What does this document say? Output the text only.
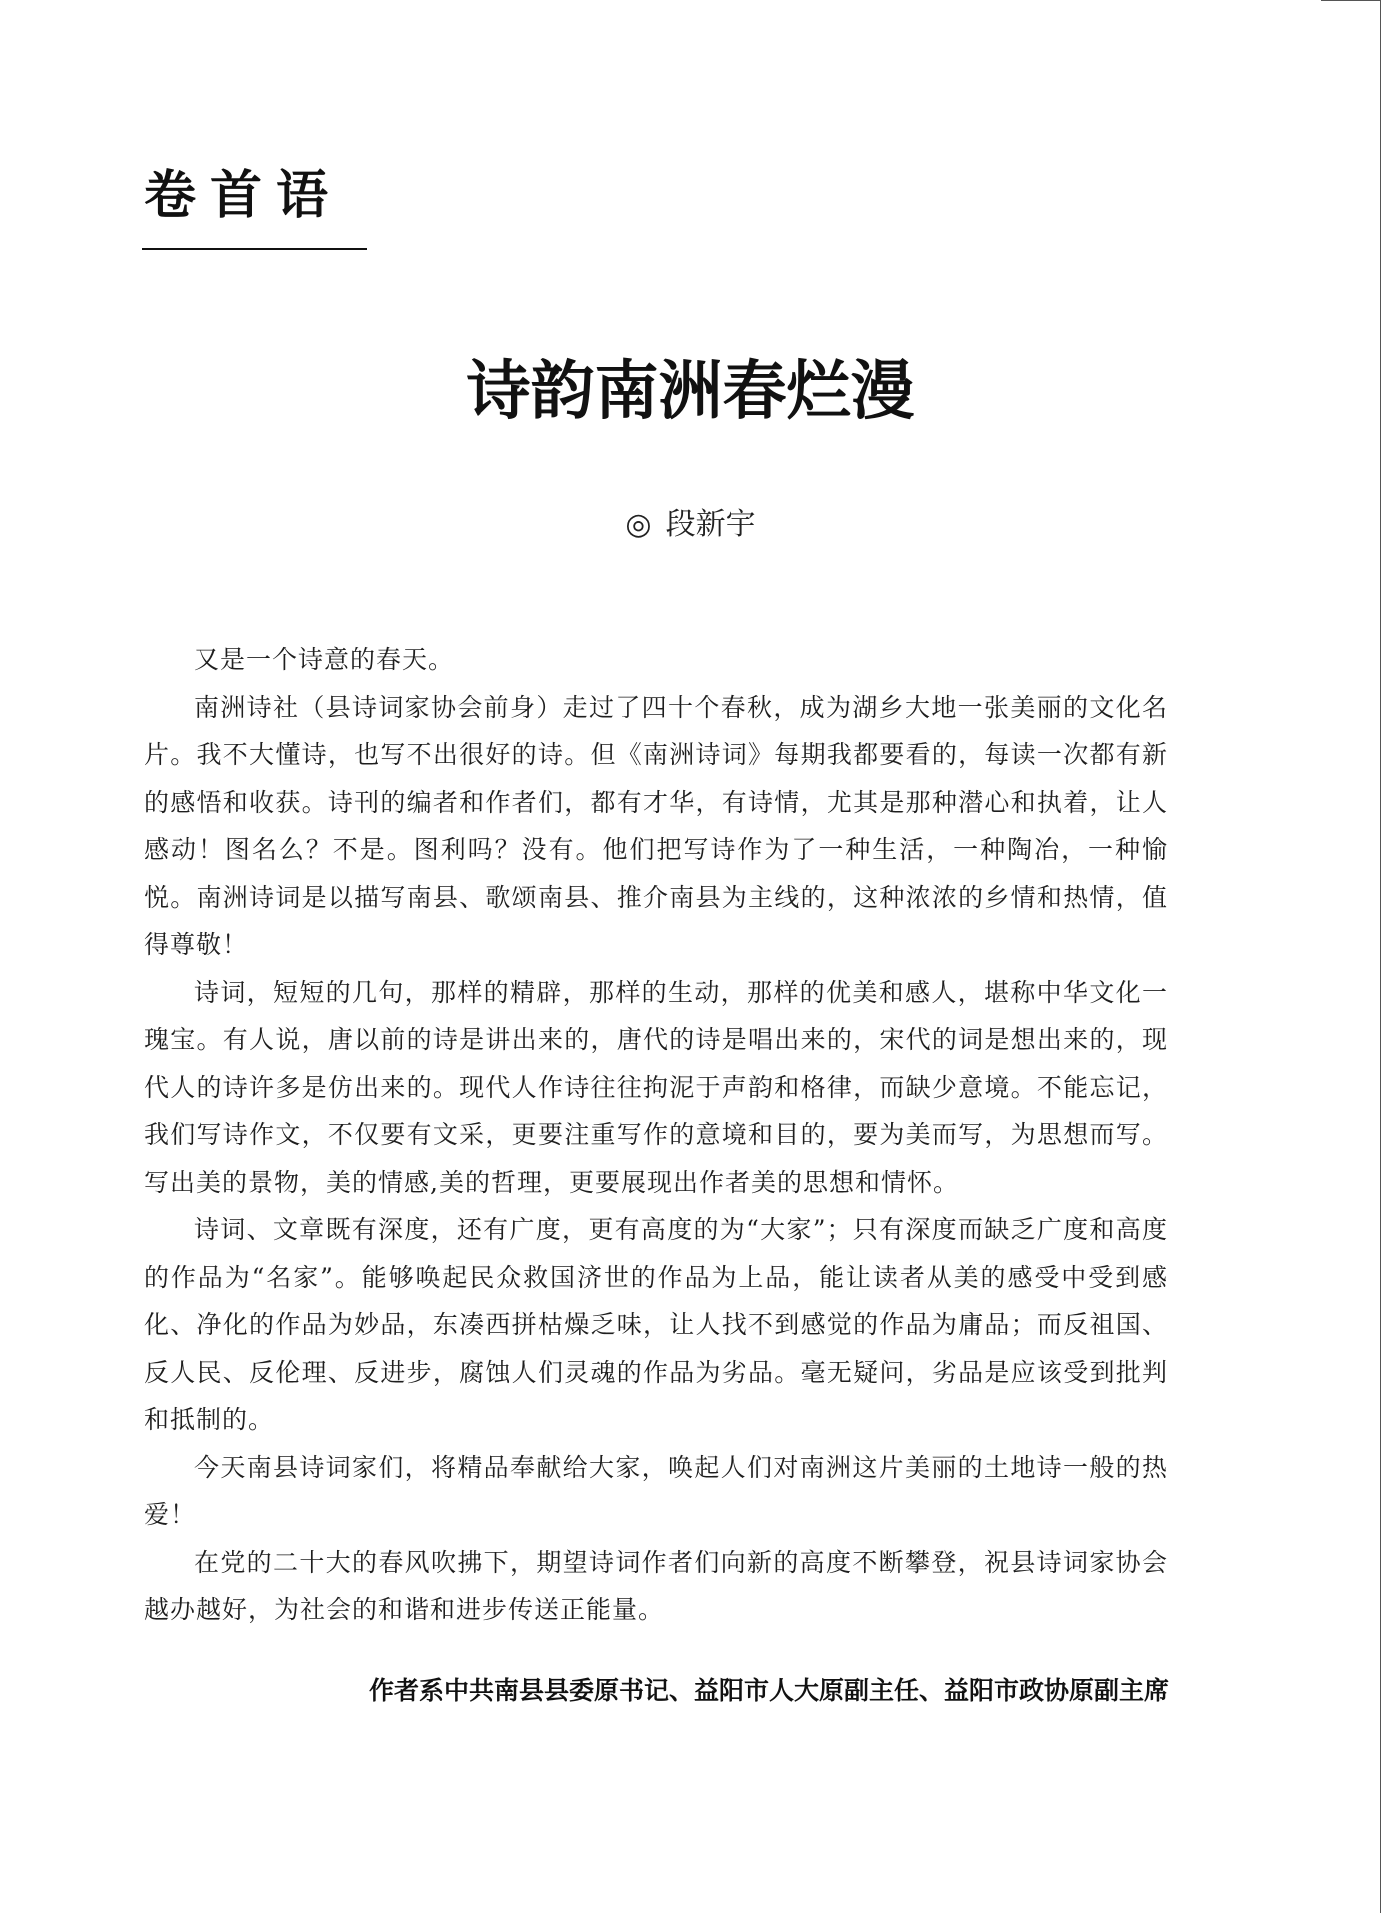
卷首语
诗韵南洲春烂漫
◎ 段新宇

又是一个诗意的春天。

南洲诗社（县诗词家协会前身）走过了四十个春秋，成为湖乡大地一张美丽的文化名片。我不大懂诗，也写不出很好的诗。但《南洲诗词》每期我都要看的，每读一次都有新的感悟和收获。诗刊的编者和作者们，都有才华，有诗情，尤其是那种潜心和执着，让人感动！图名么？不是。图利吗？没有。他们把写诗作为了一种生活，一种陶冶，一种愉悦。南洲诗词是以描写南县、歌颂南县、推介南县为主线的，这种浓浓的乡情和热情，值得尊敬！

诗词，短短的几句，那样的精辟，那样的生动，那样的优美和感人，堪称中华文化一瑰宝。有人说，唐以前的诗是讲出来的，唐代的诗是唱出来的，宋代的词是想出来的，现代人的诗许多是仿出来的。现代人作诗往往拘泥于声韵和格律，而缺少意境。不能忘记，我们写诗作文，不仅要有文采，更要注重写作的意境和目的，要为美而写，为思想而写。写出美的景物，美的情感,美的哲理，更要展现出作者美的思想和情怀。

诗词、文章既有深度，还有广度，更有高度的为“大家”；只有深度而缺乏广度和高度的作品为“名家”。能够唤起民众救国济世的作品为上品，能让读者从美的感受中受到感化、净化的作品为妙品，东凑西拼枯燥乏味，让人找不到感觉的作品为庸品；而反祖国、反人民、反伦理、反进步，腐蚀人们灵魂的作品为劣品。毫无疑问，劣品是应该受到批判和抵制的。

今天南县诗词家们，将精品奉献给大家，唤起人们对南洲这片美丽的土地诗一般的热爱！

在党的二十大的春风吹拂下，期望诗词作者们向新的高度不断攀登，祝县诗词家协会越办越好，为社会的和谐和进步传送正能量。

作者系中共南县县委原书记、益阳市人大原副主任、益阳市政协原副主席
